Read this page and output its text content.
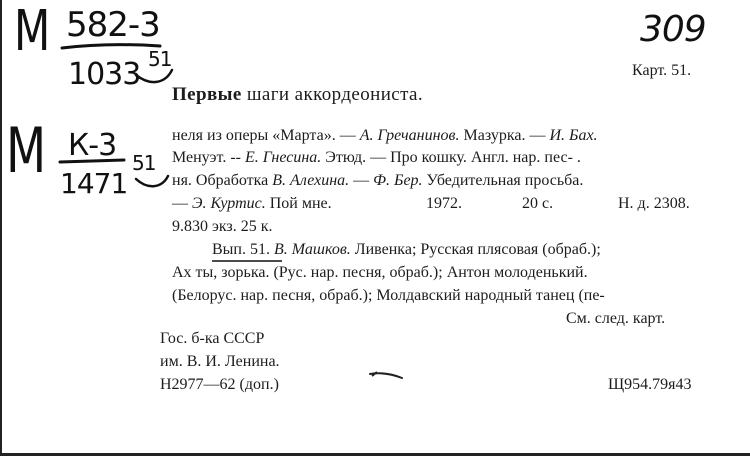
М 582-3
1033 51
М К-3
1471
51
309
Карт. 51.
Первые шаги аккордеониста.
неля из оперы «Марта». — А. Гречанинов. Мазурка. — И. Бах.
Менуэт. -- Е. Гнесина. Этюд. — Про кошку. Англ. нар. пес- .
ня. Обработка В. Алехина. — Ф. Бер. Убедительная просьба.
— Э. Куртис. Пой мне.	1972.	20 с.	Н. д. 2308.
9.830 экз. 25 к.
Вып. 51. В. Машков. Ливенка; Русская плясовая (обраб.);
Ах ты, зорька. (Рус. нар. песня, обраб.); Антон молоденький.
(Белорус. нар. песня, обраб.); Молдавский народный танец (пе-
См. след. карт.
Гос. б-ка СССР
им. В. И. Ленина.
Н2977—62 (доп.)	Щ954.79я43
